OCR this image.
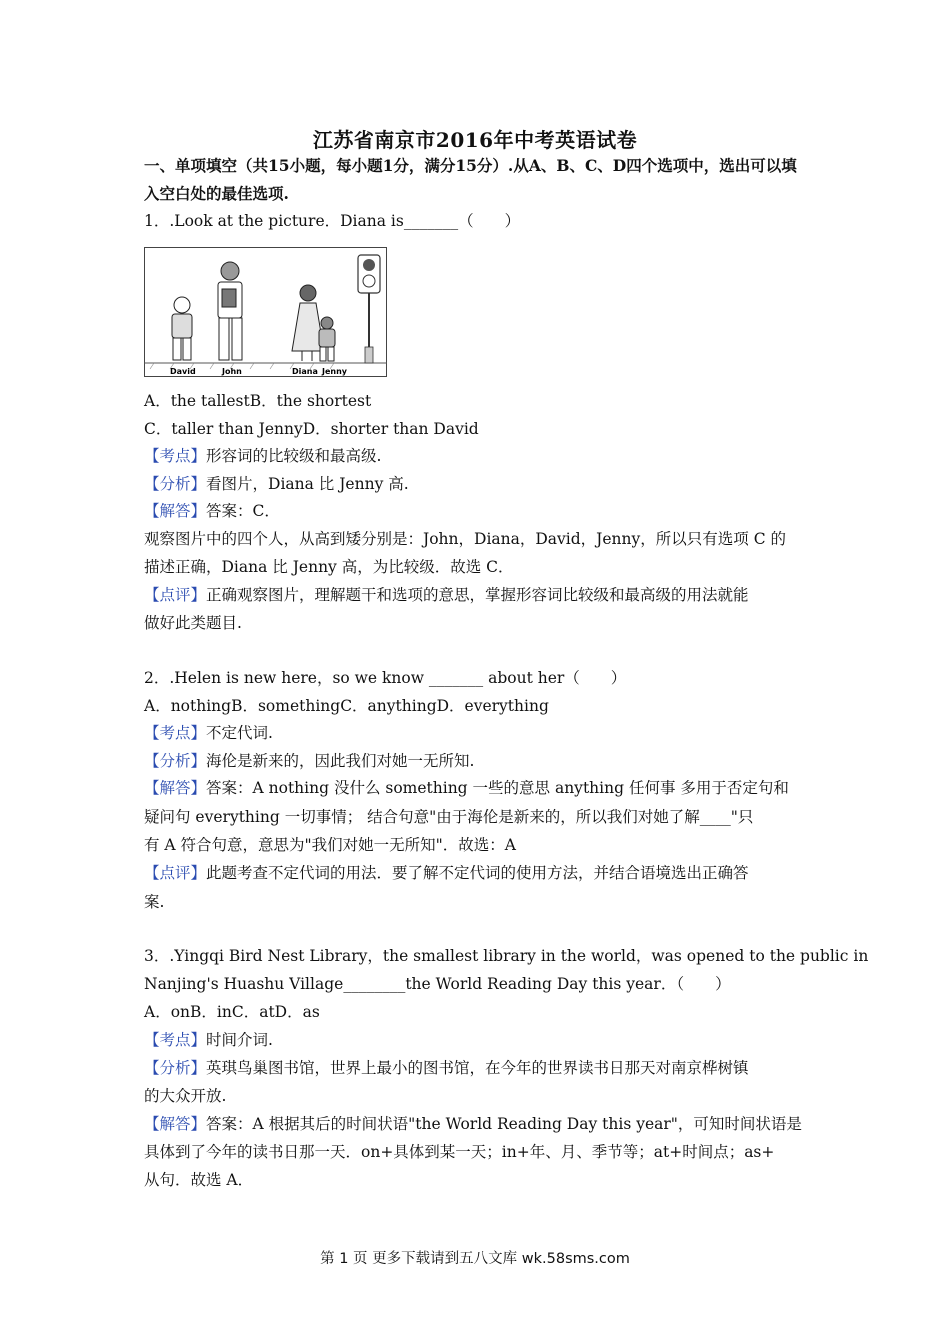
江苏省南京市2016年中考英语试卷
一、单项填空（共15小题，每小题1分，满分15分）.从A、B、C、D四个选项中，选出可以填入空白处的最佳选项.
1．.Look at the picture．Diana is_______（　　）
David	John	Diana Jenny
A．the tallestB．the shortest
C．taller than JennyD．shorter than David
【考点】形容词的比较级和最高级.
【分析】看图片，Diana 比 Jenny 高.
【解答】答案：C．
观察图片中的四个人，从高到矮分别是：John，Diana，David，Jenny，所以只有选项 C 的
描述正确，Diana 比 Jenny 高，为比较级．故选 C．
【点评】正确观察图片，理解题干和选项的意思，掌握形容词比较级和最高级的用法就能
做好此类题目.
2．.Helen is new here，so we know _______ about her（　　）
A．nothingB．somethingC．anythingD．everything
【考点】不定代词.
【分析】海伦是新来的，因此我们对她一无所知.
【解答】答案：A nothing 没什么 something 一些的意思 anything 任何事 多用于否定句和
疑问句 everything 一切事情； 结合句意"由于海伦是新来的，所以我们对她了解____"只
有 A 符合句意，意思为"我们对她一无所知"．故选：A
【点评】此题考查不定代词的用法．要了解不定代词的使用方法，并结合语境选出正确答
案.
3．.Yingqi Bird Nest Library，the smallest library in the world，was opened to the public in
Nanjing's Huashu Village________the World Reading Day this year．（　　）
A．onB．inC．atD．as
【考点】时间介词.
【分析】英琪鸟巢图书馆，世界上最小的图书馆，在今年的世界读书日那天对南京桦树镇
的大众开放.
【解答】答案：A 根据其后的时间状语"the World Reading Day this year"，可知时间状语是
具体到了今年的读书日那一天．on+具体到某一天；in+年、月、季节等；at+时间点；as+
从句．故选 A．
第 1 页 更多下载请到五八文库 wk.58sms.com
